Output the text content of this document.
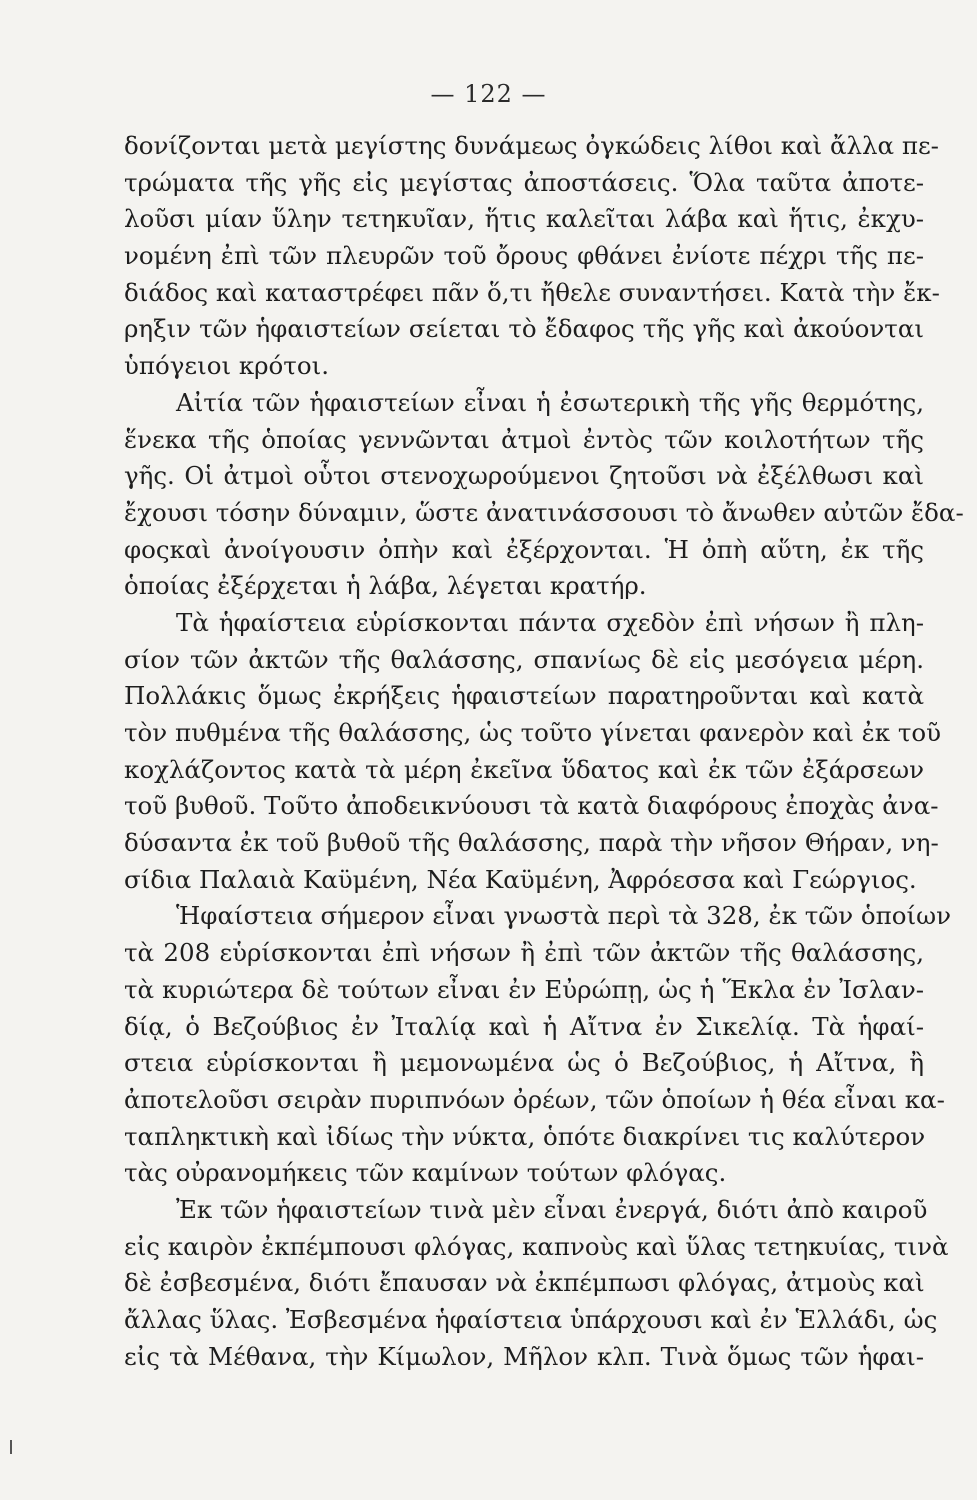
— 122 —
δονίζονται μετὰ μεγίστης δυνάμεως ὀγκώδεις λίθοι καὶ ἄλλα πε-
τρώματα τῆς γῆς εἰς μεγίστας ἀποστάσεις. Ὅλα ταῦτα ἀποτε-
λοῦσι μίαν ὕλην τετηκυῖαν, ἥτις καλεῖται λάβα καὶ ἥτις, ἐκχυ-
νομένη ἐπὶ τῶν πλευρῶν τοῦ ὄρους φθάνει ἐνίοτε πέχρι τῆς πε-
διάδος καὶ καταστρέφει πᾶν ὅ,τι ἤθελε συναντήσει. Κατὰ τὴν ἔκ-
ρηξιν τῶν ἡφαιστείων σείεται τὸ ἔδαφος τῆς γῆς καὶ ἀκούονται
ὑπόγειοι κρότοι.
Αἰτία τῶν ἡφαιστείων εἶναι ἡ ἐσωτερικὴ τῆς γῆς θερμότης,
ἕνεκα τῆς ὁποίας γεννῶνται ἀτμοὶ ἐντὸς τῶν κοιλοτήτων τῆς
γῆς. Οἱ ἀτμοὶ οὗτοι στενοχωρούμενοι ζητοῦσι νὰ ἐξέλθωσι καὶ
ἔχουσι τόσην δύναμιν, ὥστε ἀνατινάσσουσι τὸ ἄνωθεν αὐτῶν ἔδα-
φοςκαὶ ἀνοίγουσιν ὀπὴν καὶ ἐξέρχονται. Ἡ ὀπὴ αὕτη, ἐκ τῆς
ὁποίας ἐξέρχεται ἡ λάβα, λέγεται κρατήρ.
Τὰ ἡφαίστεια εὑρίσκονται πάντα σχεδὸν ἐπὶ νήσων ἢ πλη-
σίον τῶν ἀκτῶν τῆς θαλάσσης, σπανίως δὲ εἰς μεσόγεια μέρη.
Πολλάκις ὅμως ἐκρήξεις ἡφαιστείων παρατηροῦνται καὶ κατὰ
τὸν πυθμένα τῆς θαλάσσης, ὡς τοῦτο γίνεται φανερὸν καὶ ἐκ τοῦ
κοχλάζοντος κατὰ τὰ μέρη ἐκεῖνα ὕδατος καὶ ἐκ τῶν ἐξάρσεων
τοῦ βυθοῦ. Τοῦτο ἀποδεικνύουσι τὰ κατὰ διαφόρους ἐποχὰς ἀνα-
δύσαντα ἐκ τοῦ βυθοῦ τῆς θαλάσσης, παρὰ τὴν νῆσον Θήραν, νη-
σίδια Παλαιὰ Καϋμένη, Νέα Καϋμένη, Ἀφρόεσσα καὶ Γεώργιος.
Ἡφαίστεια σήμερον εἶναι γνωστὰ περὶ τὰ 328, ἐκ τῶν ὁποίων
τὰ 208 εὑρίσκονται ἐπὶ νήσων ἢ ἐπὶ τῶν ἀκτῶν τῆς θαλάσσης,
τὰ κυριώτερα δὲ τούτων εἶναι ἐν Εὐρώπῃ, ὡς ἡ Ἕκλα ἐν Ἰσλαν-
δίᾳ, ὁ Βεζούβιος ἐν Ἰταλίᾳ καὶ ἡ Αἴτνα ἐν Σικελίᾳ. Τὰ ἡφαί-
στεια εὑρίσκονται ἢ μεμονωμένα ὡς ὁ Βεζούβιος, ἡ Αἴτνα, ἢ
ἀποτελοῦσι σειρὰν πυριπνόων ὀρέων, τῶν ὁποίων ἡ θέα εἶναι κα-
ταπληκτικὴ καὶ ἰδίως τὴν νύκτα, ὁπότε διακρίνει τις καλύτερον
τὰς οὐρανομήκεις τῶν καμίνων τούτων φλόγας.
Ἐκ τῶν ἡφαιστείων τινὰ μὲν εἶναι ἐνεργά, διότι ἀπὸ καιροῦ
εἰς καιρὸν ἐκπέμπουσι φλόγας, καπνοὺς καὶ ὕλας τετηκυίας, τινὰ
δὲ ἐσβεσμένα, διότι ἔπαυσαν νὰ ἐκπέμπωσι φλόγας, ἀτμοὺς καὶ
ἄλλας ὕλας. Ἐσβεσμένα ἡφαίστεια ὑπάρχουσι καὶ ἐν Ἑλλάδι, ὡς
εἰς τὰ Μέθανα, τὴν Κίμωλον, Μῆλον κλπ. Τινὰ ὅμως τῶν ἡφαι-
